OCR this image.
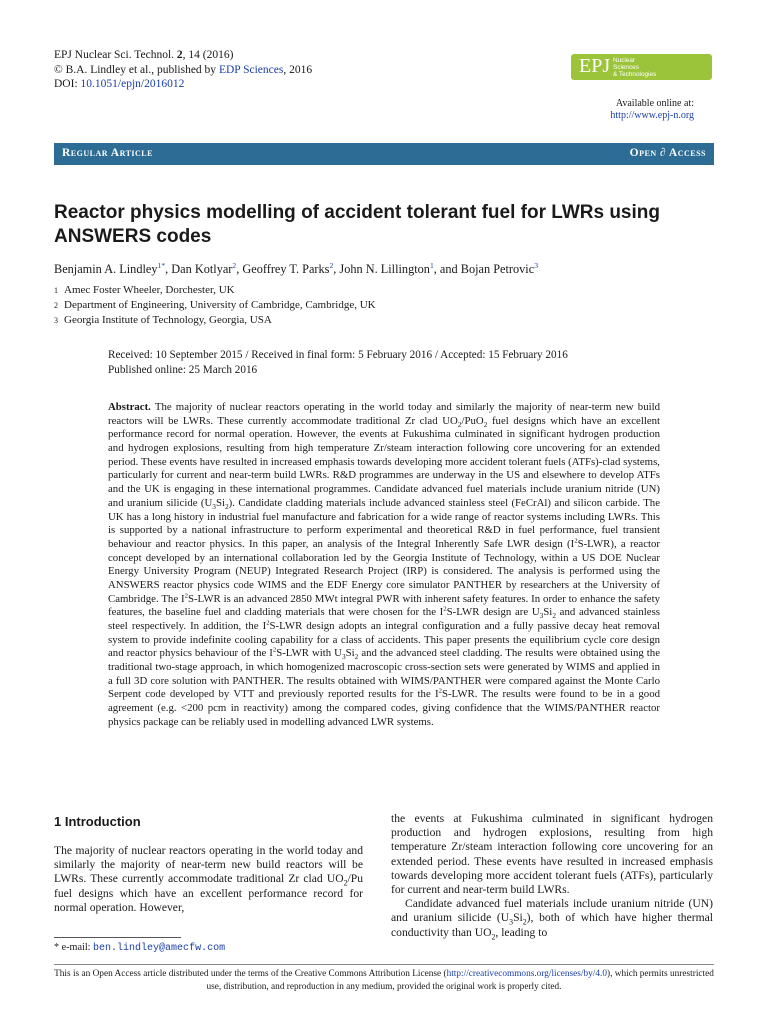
EPJ Nuclear Sci. Technol. 2, 14 (2016)
© B.A. Lindley et al., published by EDP Sciences, 2016
DOI: 10.1051/epjn/2016012
EPJ Nuclear
Sciences
& Technologies
Available online at:
http://www.epj-n.org
Regular Article	Open ∂ Access
Reactor physics modelling of accident tolerant fuel for LWRs using ANSWERS codes
Benjamin A. Lindley$^{1*}$, Dan Kotlyar$^2$, Geoffrey T. Parks$^2$, John N. Lillington$^1$, and Bojan Petrovic$^3$
1 Amec Foster Wheeler, Dorchester, UK
2 Department of Engineering, University of Cambridge, Cambridge, UK
3 Georgia Institute of Technology, Georgia, USA
Received: 10 September 2015 / Received in final form: 5 February 2016 / Accepted: 15 February 2016
Published online: 25 March 2016
Abstract. The majority of nuclear reactors operating in the world today and similarly the majority of near-term new build reactors will be LWRs. These currently accommodate traditional Zr clad $UO_2/PuO_2$ fuel designs which have an excellent performance record for normal operation. However, the events at Fukushima culminated in significant hydrogen production and hydrogen explosions, resulting from high temperature Zr/steam interaction following core uncovering for an extended period. These events have resulted in increased emphasis towards developing more accident tolerant fuels (ATFs)-clad systems, particularly for current and near-term build LWRs. R&D programmes are underway in the US and elsewhere to develop ATFs and the UK is engaging in these international programmes. Candidate advanced fuel materials include uranium nitride (UN) and uranium silicide $(U_3Si_2)$. Candidate cladding materials include advanced stainless steel (FeCrAl) and silicon carbide. The UK has a long history in industrial fuel manufacture and fabrication for a wide range of reactor systems including LWRs. This is supported by a national infrastructure to perform experimental and theoretical R&D in fuel performance, fuel transient behaviour and reactor physics. In this paper, an analysis of the Integral Inherently Safe LWR design $(I^2S-LWR)$, a reactor concept developed by an international collaboration led by the Georgia Institute of Technology, within a US DOE Nuclear Energy University Program (NEUP) Integrated Research Project (IRP) is considered. The analysis is performed using the ANSWERS reactor physics code WIMS and the EDF Energy core simulator PANTHER by researchers at the University of Cambridge. The $I^2S$-LWR is an advanced 2850 MWt integral PWR with inherent safety features. In order to enhance the safety features, the baseline fuel and cladding materials that were chosen for the $I^2S$-LWR design are $U_3Si_2$ and advanced stainless steel respectively. In addition, the $I^2S$-LWR design adopts an integral configuration and a fully passive decay heat removal system to provide indefinite cooling capability for a class of accidents. This paper presents the equilibrium cycle core design and reactor physics behaviour of the $I^2S$-LWR with $U_3Si_2$ and the advanced steel cladding. The results were obtained using the traditional two-stage approach, in which homogenized macroscopic cross-section sets were generated by WIMS and applied in a full 3D core solution with PANTHER. The results obtained with WIMS/PANTHER were compared against the Monte Carlo Serpent code developed by VTT and previously reported results for the $I^2S$-LWR. The results were found to be in a good agreement (e.g. <200 pcm in reactivity) among the compared codes, giving confidence that the WIMS/PANTHER reactor physics package can be reliably used in modelling advanced LWR systems.
1 Introduction
The majority of nuclear reactors operating in the world today and similarly the majority of near-term new build reactors will be LWRs. These currently accommodate traditional Zr clad $UO_2/Pu$ fuel designs which have an excellent performance record for normal operation. However,

the events at Fukushima culminated in significant hydrogen production and hydrogen explosions, resulting from high temperature Zr/steam interaction following core uncovering for an extended period. These events have resulted in increased emphasis towards developing more accident tolerant fuels (ATFs), particularly for current and near-term build LWRs.

Candidate advanced fuel materials include uranium nitride (UN) and uranium silicide $(U_3Si_2)$, both of which have higher thermal conductivity than $UO_2$, leading to

* e-mail: ben.lindley@amecfw.com
This is an Open Access article distributed under the terms of the Creative Commons Attribution License (http://creativecommons.org/licenses/by/4.0), which permits unrestricted use, distribution, and reproduction in any medium, provided the original work is properly cited.
